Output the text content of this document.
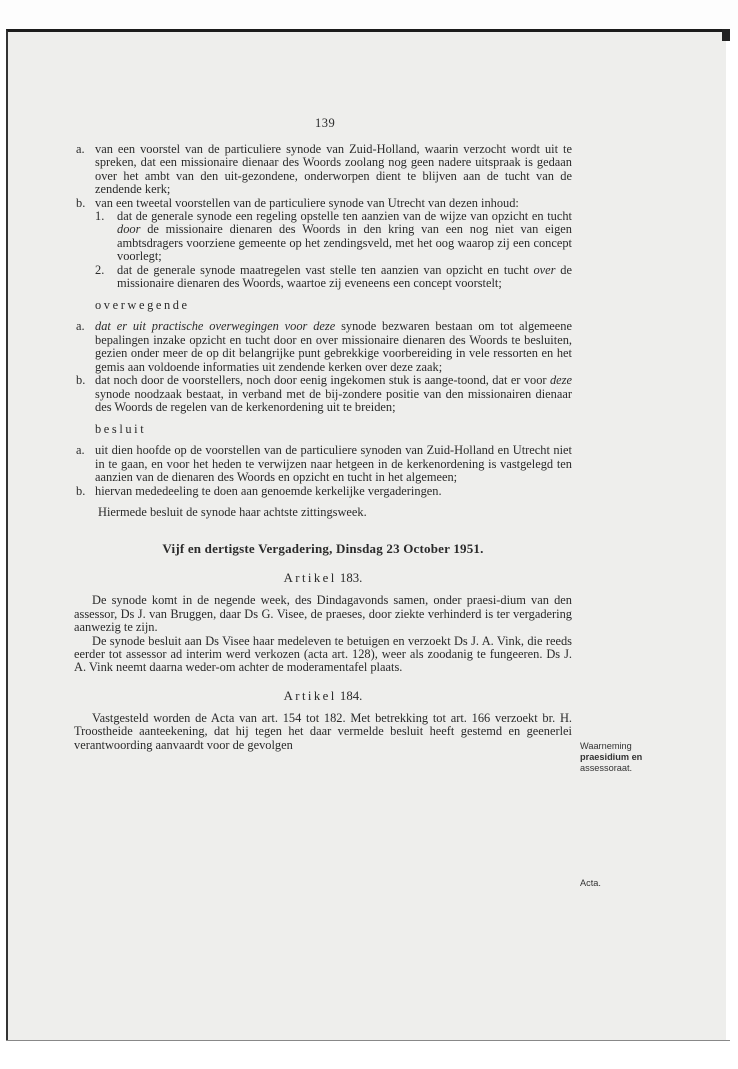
139
a. van een voorstel van de particuliere synode van Zuid-Holland, waarin verzocht wordt uit te spreken, dat een missionaire dienaar des Woords zoolang nog geen nadere uitspraak is gedaan over het ambt van den uit-gezondene, onderworpen dient te blijven aan de tucht van de zendende kerk;
b. van een tweetal voorstellen van de particuliere synode van Utrecht van dezen inhoud:
1. dat de generale synode een regeling opstelle ten aanzien van de wijze van opzicht en tucht door de missionaire dienaren des Woords in den kring van een nog niet van eigen ambtsdragers voorziene gemeente op het zendingsveld, met het oog waarop zij een concept voorlegt;
2. dat de generale synode maatregelen vast stelle ten aanzien van opzicht en tucht over de missionaire dienaren des Woords, waartoe zij eveneens een concept voorstelt;
overwegende
a. dat er uit practische overwegingen voor deze synode bezwaren bestaan om tot algemeene bepalingen inzake opzicht en tucht door en over missionaire dienaren des Woords te besluiten, gezien onder meer de op dit belangrijke punt gebrekkige voorbereiding in vele ressorten en het gemis aan voldoende informaties uit zendende kerken over deze zaak;
b. dat noch door de voorstellers, noch door eenig ingekomen stuk is aange-toond, dat er voor deze synode noodzaak bestaat, in verband met de bij-zondere positie van den missionairen dienaar des Woords de regelen van de kerkenordening uit te breiden;
besluit
a. uit dien hoofde op de voorstellen van de particuliere synoden van Zuid-Holland en Utrecht niet in te gaan, en voor het heden te verwijzen naar hetgeen in de kerkenordening is vastgelegd ten aanzien van de dienaren des Woords en opzicht en tucht in het algemeen;
b. hiervan mededeeling te doen aan genoemde kerkelijke vergaderingen.
Hiermede besluit de synode haar achtste zittingsweek.
Vijf en dertigste Vergadering, Dinsdag 23 October 1951.
Artikel 183.
De synode komt in de negende week, des Dindagavonds samen, onder praesi-dium van den assessor, Ds J. van Bruggen, daar Ds G. Visee, de praeses, door ziekte verhinderd is ter vergadering aanwezig te zijn.
De synode besluit aan Ds Visee haar medeleven te betuigen en verzoekt Ds J. A. Vink, die reeds eerder tot assessor ad interim werd verkozen (acta art. 128), weer als zoodanig te fungeeren. Ds J. A. Vink neemt daarna weder-om achter de moderamentafel plaats.
Artikel 184.
Vastgesteld worden de Acta van art. 154 tot 182. Met betrekking tot art. 166 verzoekt br. H. Troostheide aanteekening, dat hij tegen het daar vermelde besluit heeft gestemd en geenerlei verantwoording aanvaardt voor de gevolgen	Waarneming
praesidium en
assessoraat.
Acta.
